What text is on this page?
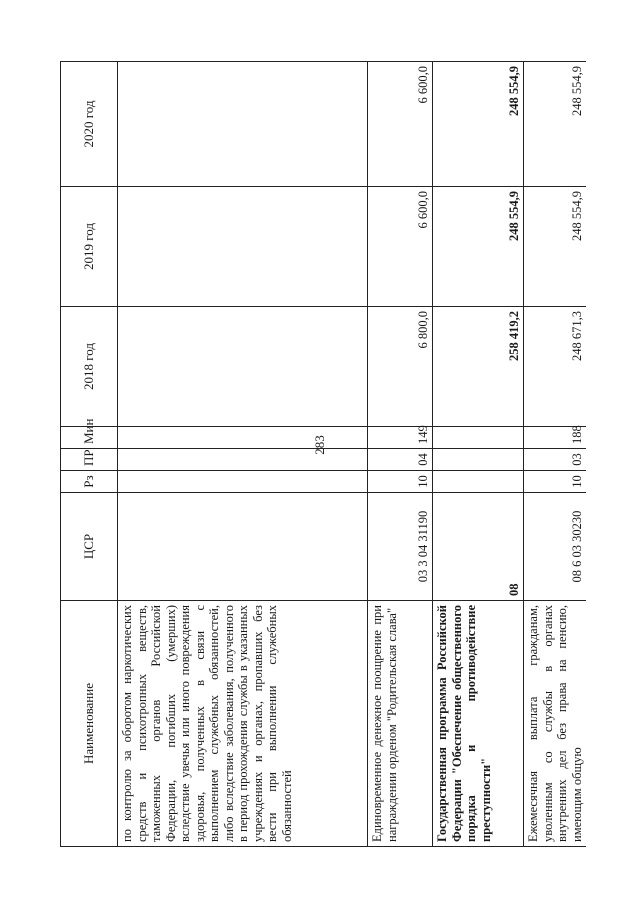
283
Наименование	ЦСР	Рз	ПР	Мин	2018 год	2019 год	2020 год
по контролю за оборотом наркотических средств и психотропных веществ, таможенных органов Российской Федерации, погибших (умерших) вследствие увечья или иного повреждения здоровья, полученных в связи с выполнением служебных обязанностей, либо вследствие заболевания, полученного в период прохождения службы в указанных учреждениях и органах, пропавших без вести при выполнении служебных обязанностей							
Единовременное денежное поощрение при награждении орденом "Родительская слава"	03 3 04 31190	10	04	149	6 800,0	6 600,0	6 600,0
Государственная программа Российской Федерации "Обеспечение общественного порядка и противодействие преступности"	08				258 419,2	248 554,9	248 554,9
Ежемесячная выплата гражданам, уволенным со службы в органах внутренних дел без права на пенсию, имеющим общую	08 6 03 30230	10	03	188	248 671,3	248 554,9	248 554,9
